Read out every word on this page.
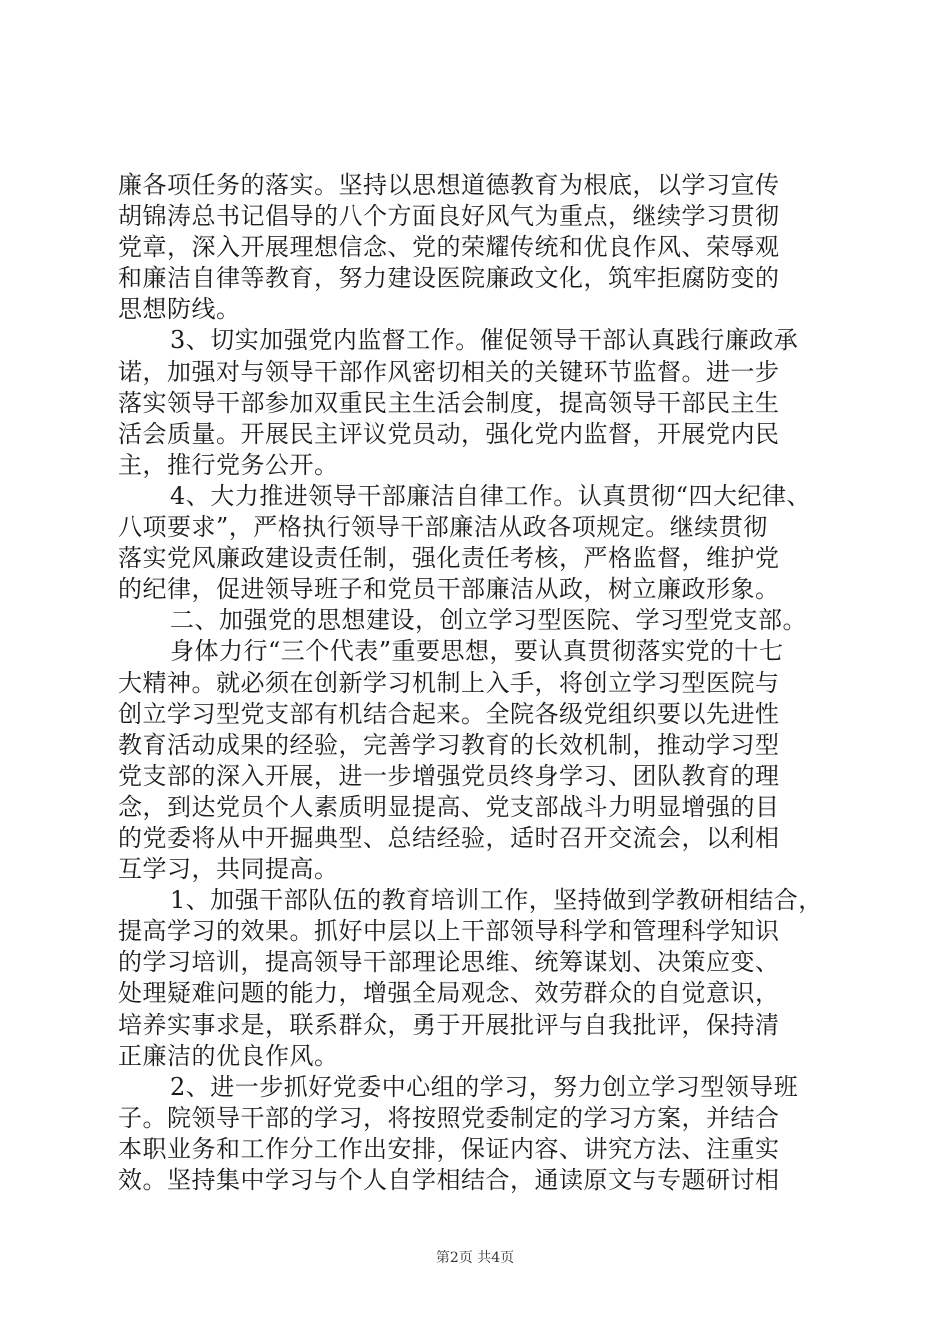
廉各项任务的落实。坚持以思想道德教育为根底，以学习宣传
胡锦涛总书记倡导的八个方面良好风气为重点，继续学习贯彻
党章，深入开展理想信念、党的荣耀传统和优良作风、荣辱观
和廉洁自律等教育，努力建设医院廉政文化，筑牢拒腐防变的
思想防线。
3、切实加强党内监督工作。催促领导干部认真践行廉政承
诺，加强对与领导干部作风密切相关的关键环节监督。进一步
落实领导干部参加双重民主生活会制度，提高领导干部民主生
活会质量。开展民主评议党员动，强化党内监督，开展党内民
主，推行党务公开。
4、大力推进领导干部廉洁自律工作。认真贯彻“四大纪律、
八项要求”，严格执行领导干部廉洁从政各项规定。继续贯彻
落实党风廉政建设责任制，强化责任考核，严格监督，维护党
的纪律，促进领导班子和党员干部廉洁从政，树立廉政形象。
二、加强党的思想建设，创立学习型医院、学习型党支部。
身体力行“三个代表”重要思想，要认真贯彻落实党的十七
大精神。就必须在创新学习机制上入手，将创立学习型医院与
创立学习型党支部有机结合起来。全院各级党组织要以先进性
教育活动成果的经验，完善学习教育的长效机制，推动学习型
党支部的深入开展，进一步增强党员终身学习、团队教育的理
念，到达党员个人素质明显提高、党支部战斗力明显增强的目
的党委将从中开掘典型、总结经验，适时召开交流会，以利相
互学习，共同提高。
1、加强干部队伍的教育培训工作，坚持做到学教研相结合，
提高学习的效果。抓好中层以上干部领导科学和管理科学知识
的学习培训，提高领导干部理论思维、统筹谋划、决策应变、
处理疑难问题的能力，增强全局观念、效劳群众的自觉意识，
培养实事求是，联系群众，勇于开展批评与自我批评，保持清
正廉洁的优良作风。
2、进一步抓好党委中心组的学习，努力创立学习型领导班
子。院领导干部的学习，将按照党委制定的学习方案，并结合
本职业务和工作分工作出安排，保证内容、讲究方法、注重实
效。坚持集中学习与个人自学相结合，通读原文与专题研讨相
第2页 共4页
